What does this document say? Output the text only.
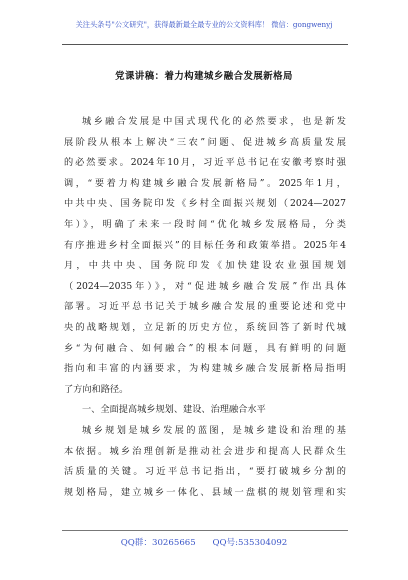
关注头条号"公文研究"，获得最新最全最专业的公文资料库！ 微信：gongwenyj
党课讲稿：着力构建城乡融合发展新格局
城乡融合发展是中国式现代化的必然要求，也是新发
展阶段从根本上解决“三农”问题、促进城乡高质量发展
的必然要求。2024年10月，习近平总书记在安徽考察时强
调，“要着力构建城乡融合发展新格局”。2025年1月，
中共中央、国务院印发《乡村全面振兴规划（2024—2027
年）》，明确了未来一段时间“优化城乡发展格局，分类
有序推进乡村全面振兴”的目标任务和政策举措。2025年4
月，中共中央、国务院印发《加快建设农业强国规划
（2024—2035年）》，对“促进城乡融合发展”作出具体
部署。习近平总书记关于城乡融合发展的重要论述和党中
央的战略规划，立足新的历史方位，系统回答了新时代城
乡“为何融合、如何融合”的根本问题，具有鲜明的问题
指向和丰富的内涵要求，为构建城乡融合发展新格局指明
了方向和路径。
一、全面提高城乡规划、建设、治理融合水平
城乡规划是城乡发展的蓝图，是城乡建设和治理的基
本依据。城乡治理创新是推动社会进步和提高人民群众生
活质量的关键。习近平总书记指出，“要打破城乡分割的
规划格局，建立城乡一体化、县域一盘棋的规划管理和实
QQ群：30265665 QQ号:535304092
